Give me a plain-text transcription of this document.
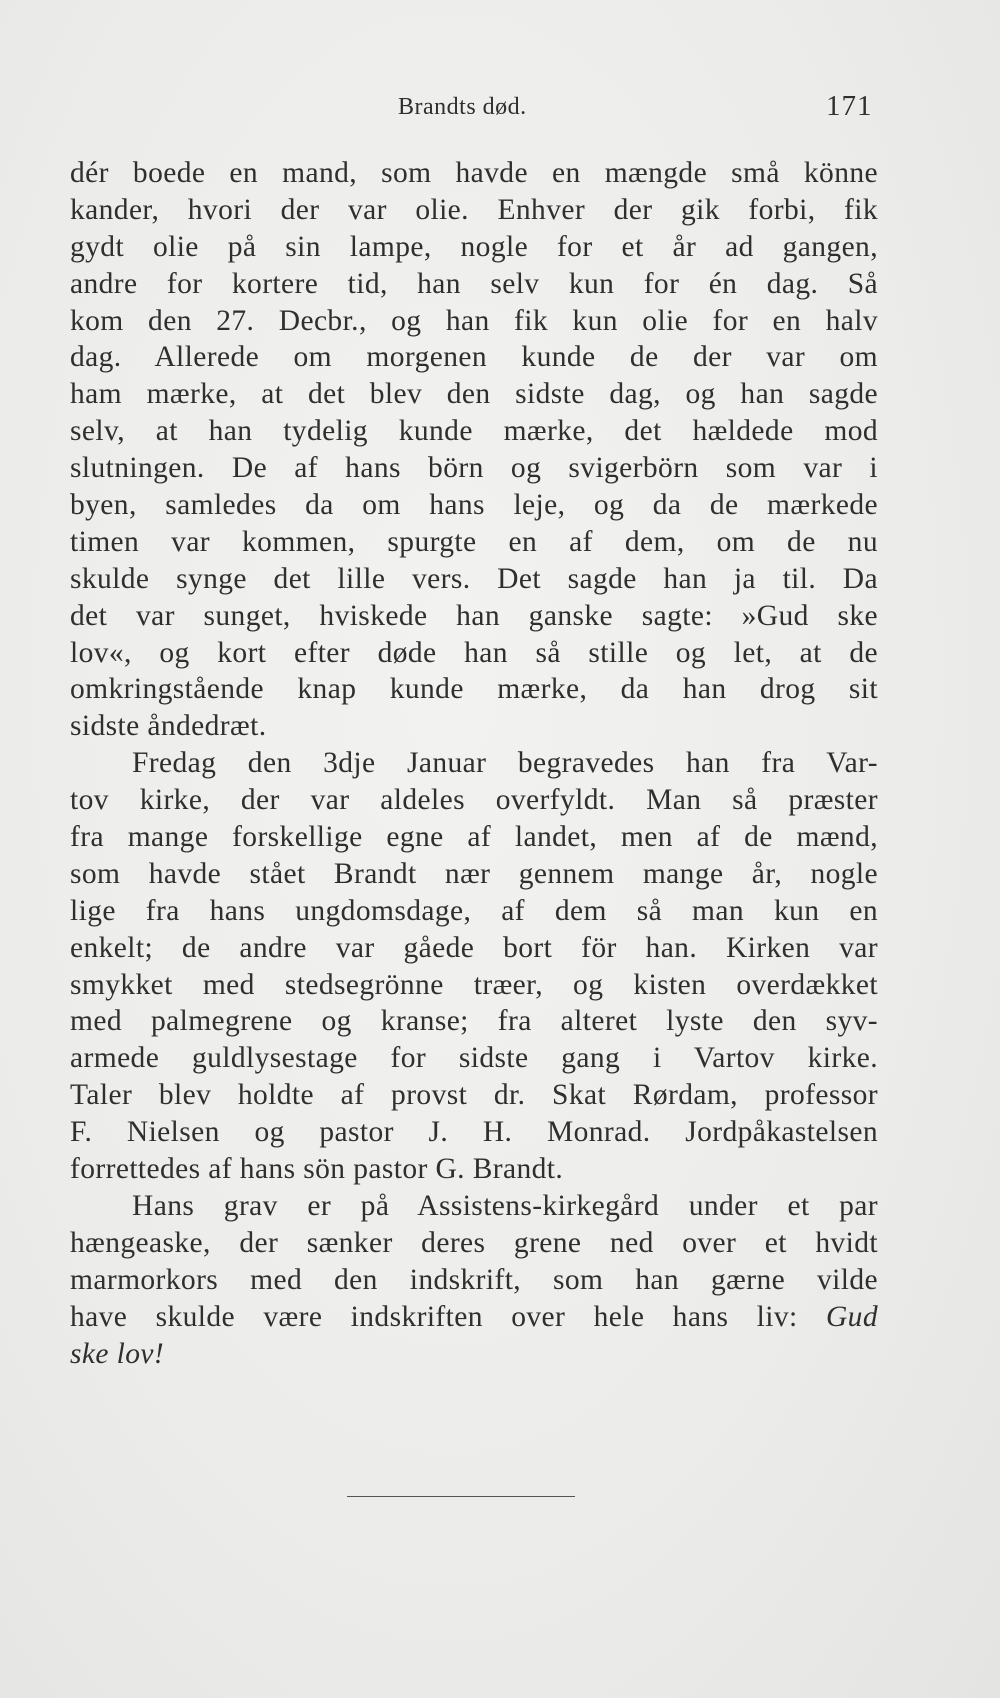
Brandts død.	171
dér boede en mand, som havde en mængde små könne
kander, hvori der var olie. Enhver der gik forbi, fik
gydt olie på sin lampe, nogle for et år ad gangen,
andre for kortere tid, han selv kun for én dag. Så
kom den 27. Decbr., og han fik kun olie for en halv
dag. Allerede om morgenen kunde de der var om
ham mærke, at det blev den sidste dag, og han sagde
selv, at han tydelig kunde mærke, det hældede mod
slutningen. De af hans börn og svigerbörn som var i
byen, samledes da om hans leje, og da de mærkede
timen var kommen, spurgte en af dem, om de nu
skulde synge det lille vers. Det sagde han ja til. Da
det var sunget, hviskede han ganske sagte: »Gud ske
lov«, og kort efter døde han så stille og let, at de
omkringstående knap kunde mærke, da han drog sit
sidste åndedræt.
Fredag den 3dje Januar begravedes han fra Var-
tov kirke, der var aldeles overfyldt. Man så præster
fra mange forskellige egne af landet, men af de mænd,
som havde stået Brandt nær gennem mange år, nogle
lige fra hans ungdomsdage, af dem så man kun en
enkelt; de andre var gåede bort för han. Kirken var
smykket med stedsegrönne træer, og kisten overdækket
med palmegrene og kranse; fra alteret lyste den syv-
armede guldlysestage for sidste gang i Vartov kirke.
Taler blev holdte af provst dr. Skat Rørdam, professor
F. Nielsen og pastor J. H. Monrad. Jordpåkastelsen
forrettedes af hans sön pastor G. Brandt.
Hans grav er på Assistens-kirkegård under et par
hængeaske, der sænker deres grene ned over et hvidt
marmorkors med den indskrift, som han gærne vilde
have skulde være indskriften over hele hans liv: Gud
ske lov!
